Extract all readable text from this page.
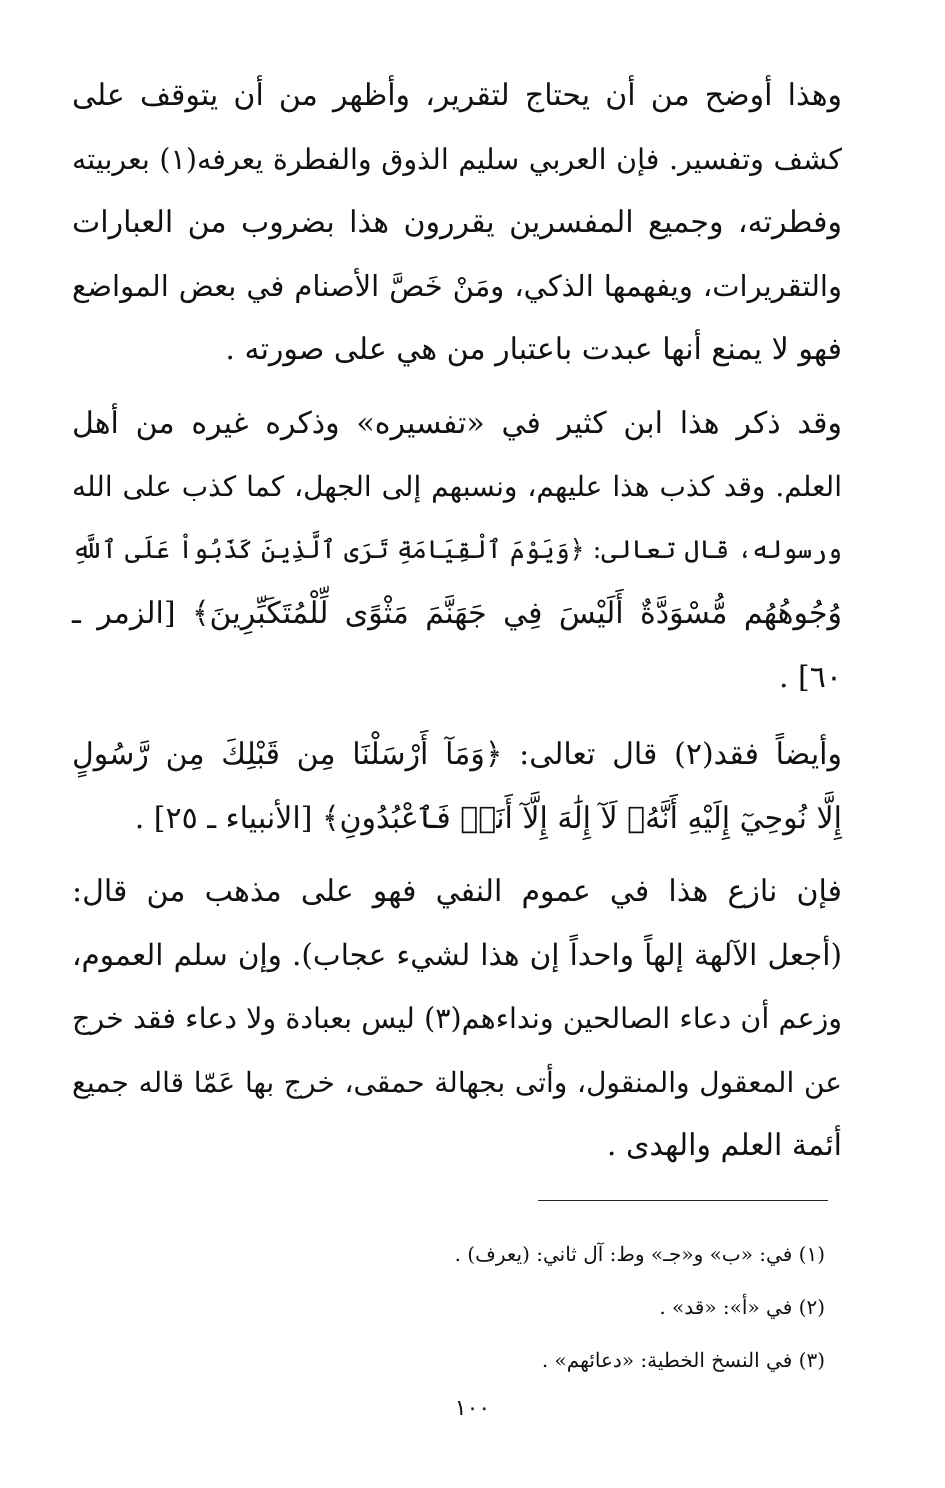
وهذا أوضح من أن يحتاج لتقرير، وأظهر من أن يتوقف على
كشف وتفسير. فإن العربي سليم الذوق والفطرة يعرفه(١) بعربيته
وفطرته، وجميع المفسرين يقررون هذا بضروب من العبارات
والتقريرات، ويفهمها الذكي، ومَنْ خَصَّ الأصنام في بعض المواضع
فهو لا يمنع أنها عبدت باعتبار من هي على صورته .

وقد ذكر هذا ابن كثير في «تفسيره» وذكره غيره من أهل
العلم. وقد كذب هذا عليهم، ونسبهم إلى الجهل، كما كذب على الله
ورسوله، قال تعالى: ﴿وَيَوْمَ ٱلْقِيَامَةِ تَرَى ٱلَّذِينَ كَذَبُواْ عَلَى ٱللَّهِ
وُجُوهُهُم مُّسْوَدَّةٌ أَلَيْسَ فِي جَهَنَّمَ مَثْوًى لِّلْمُتَكَبِّرِينَ﴾ [الزمر ـ
٦٠] .

وأيضاً فقد(٢) قال تعالى: ﴿وَمَآ أَرْسَلْنَا مِن قَبْلِكَ مِن رَّسُولٍ
إِلَّا نُوحِيٓ إِلَيْهِ أَنَّهُۥ لَآ إِلَٰهَ إِلَّآ أَنَا۠ فَٱعْبُدُونِ﴾ [الأنبياء ـ ٢٥] .

فإن نازع هذا في عموم النفي فهو على مذهب من قال:
(أجعل الآلهة إلهاً واحداً إن هذا لشيء عجاب). وإن سلم العموم،
وزعم أن دعاء الصالحين ونداءهم(٣) ليس بعبادة ولا دعاء فقد خرج
عن المعقول والمنقول، وأتى بجهالة حمقى، خرج بها عَمّا قاله جميع
أئمة العلم والهدى .

(١) في: «ب» و«جـ» وط: آل ثاني: (يعرف) .
(٢) في «أ»: «قد» .
(٣) في النسخ الخطية: «دعائهم» .
١٠٠
